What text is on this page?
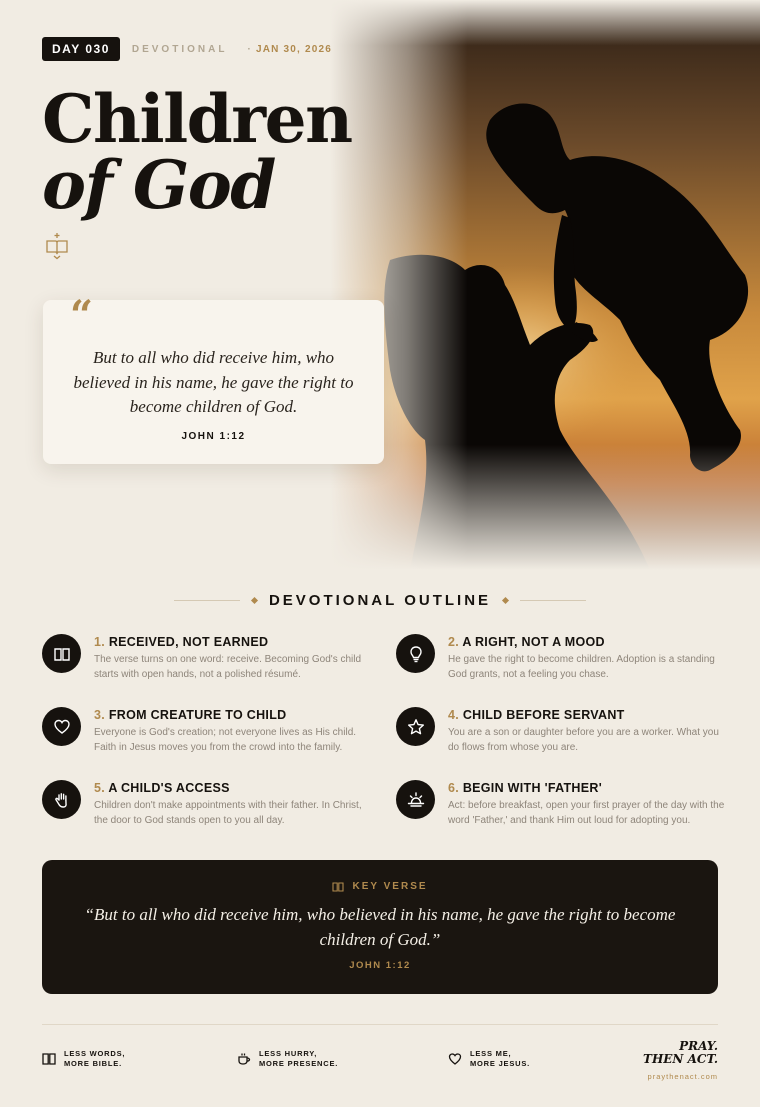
DAY 030	DEVOTIONAL
·	JAN 30, 2026
Children
of God
“

But to all who did receive him, who believed in his name, he gave the right to become children of God.

JOHN 1:12

DEVOTIONAL OUTLINE
1. RECEIVED, NOT EARNED

The verse turns on one word: receive. Becoming God's child starts with open hands, not a polished résumé.

2. A RIGHT, NOT A MOOD

He gave the right to become children. Adoption is a standing God grants, not a feeling you chase.

3. FROM CREATURE TO CHILD

Everyone is God's creation; not everyone lives as His child. Faith in Jesus moves you from the crowd into the family.

4. CHILD BEFORE SERVANT

You are a son or daughter before you are a worker. What you do flows from whose you are.

5. A CHILD'S ACCESS

Children don't make appointments with their father. In Christ, the door to God stands open to you all day.

6. BEGIN WITH 'FATHER'

Act: before breakfast, open your first prayer of the day with the word 'Father,' and thank Him out loud for adopting you.

KEY VERSE

“But to all who did receive him, who believed in his name, he gave the right to become children of God.”

JOHN 1:12

LESS WORDS,
MORE BIBLE.
LESS HURRY,
MORE PRESENCE.
LESS ME,
MORE JESUS.
PRAY.
THEN ACT.
praythenact.com
